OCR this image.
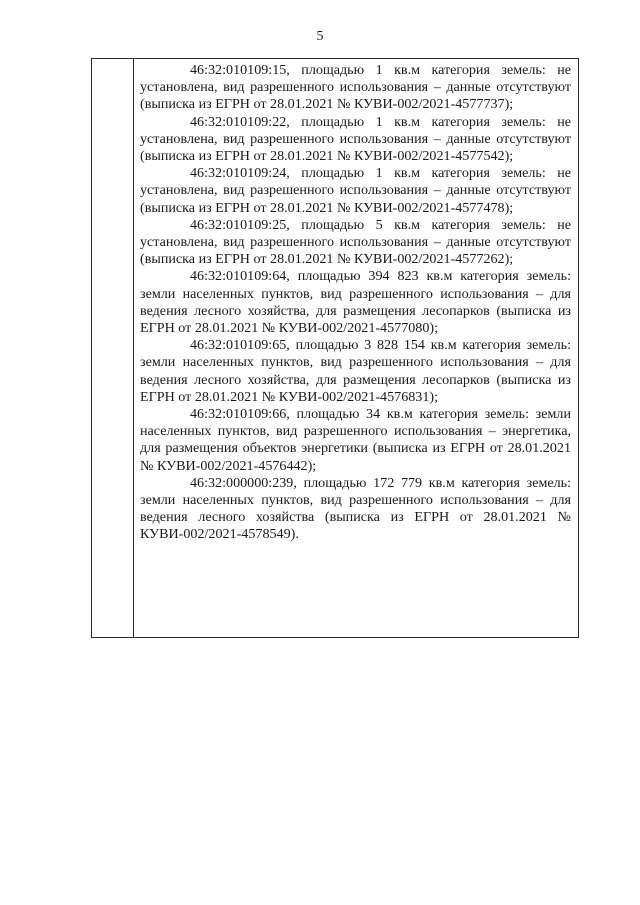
5

46:32:010109:15, площадью 1 кв.м категория земель: не установлена, вид разрешенного использования – данные отсутствуют (выписка из ЕГРН от 28.01.2021 № КУВИ-002/2021-4577737);

46:32:010109:22, площадью 1 кв.м категория земель: не установлена, вид разрешенного использования – данные отсутствуют (выписка из ЕГРН от 28.01.2021 № КУВИ-002/2021-4577542);

46:32:010109:24, площадью 1 кв.м категория земель: не установлена, вид разрешенного использования – данные отсутствуют (выписка из ЕГРН от 28.01.2021 № КУВИ-002/2021-4577478);

46:32:010109:25, площадью 5 кв.м категория земель: не установлена, вид разрешенного использования – данные отсутствуют (выписка из ЕГРН от 28.01.2021 № КУВИ-002/2021-4577262);

46:32:010109:64, площадью 394 823 кв.м категория земель: земли населенных пунктов, вид разрешенного использования – для ведения лесного хозяйства, для размещения лесопарков (выписка из ЕГРН от 28.01.2021 № КУВИ-002/2021-4577080);

46:32:010109:65, площадью 3 828 154 кв.м категория земель: земли населенных пунктов, вид разрешенного использования – для ведения лесного хозяйства, для размещения лесопарков (выписка из ЕГРН от 28.01.2021 № КУВИ-002/2021-4576831);

46:32:010109:66, площадью 34 кв.м категория земель: земли населенных пунктов, вид разрешенного использования – энергетика, для размещения объектов энергетики (выписка из ЕГРН от 28.01.2021 № КУВИ-002/2021-4576442);

46:32:000000:239, площадью 172 779 кв.м категория земель: земли населенных пунктов, вид разрешенного использования – для ведения лесного хозяйства (выписка из ЕГРН от 28.01.2021 № КУВИ-002/2021-4578549).
